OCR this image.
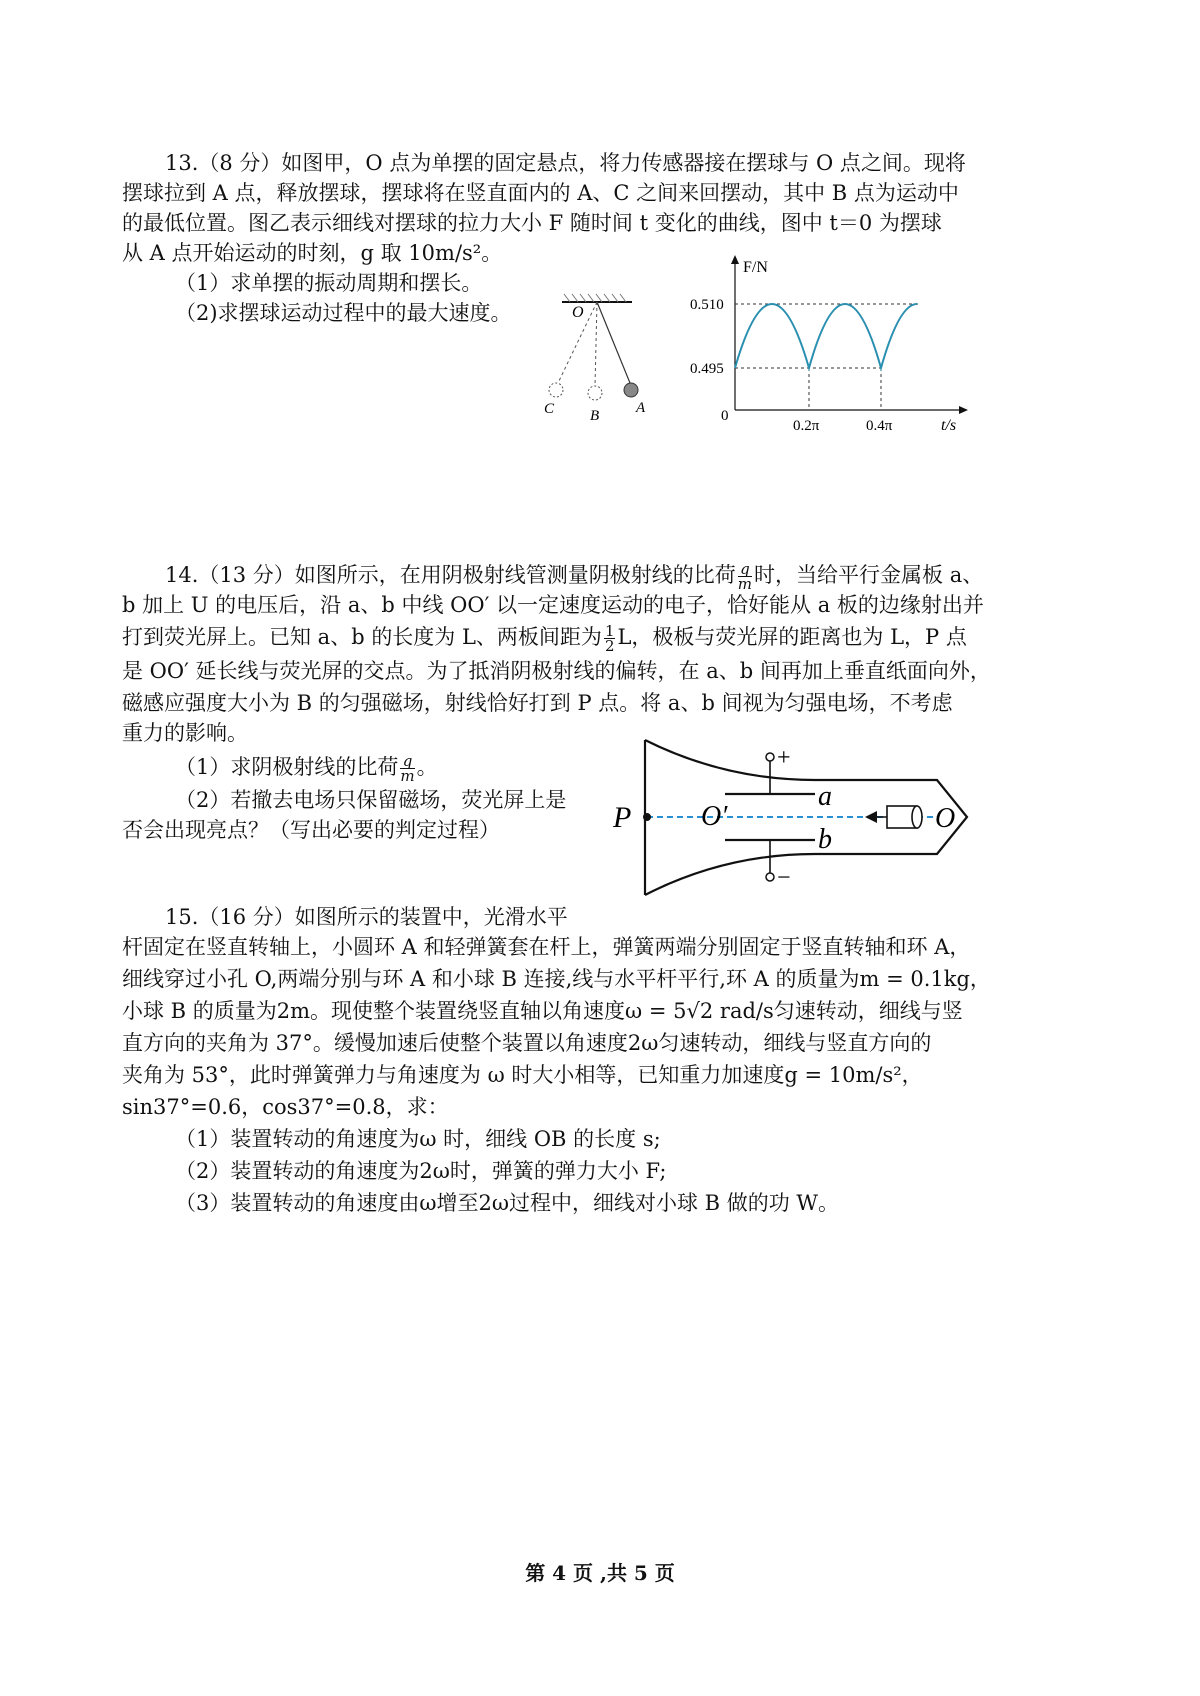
13.（8 分）如图甲，O 点为单摆的固定悬点，将力传感器接在摆球与 O 点之间。现将
摆球拉到 A 点，释放摆球，摆球将在竖直面内的 A、C 之间来回摆动，其中 B 点为运动中
的最低位置。图乙表示细线对摆球的拉力大小 F 随时间 t 变化的曲线，图中 t＝0 为摆球
从 A 点开始运动的时刻，g 取 10m/s²。
（1）求单摆的振动周期和摆长。
（2)求摆球运动过程中的最大速度。	O
A
B
C
F/N
t/s
0
0.510
0.495
0.2π	0.4π
14.（13 分）如图所示，在用阴极射线管测量阴极射线的比荷 $\frac{q}{m}$ 时，当给平行金属板 a、
b 加上 U 的电压后，沿 a、b 中线 OO′ 以一定速度运动的电子，恰好能从 a 板的边缘射出并
打到荧光屏上。已知 a、b 的长度为 L、两板间距为 $\frac{1}{2}$ L，极板与荧光屏的距离也为 L，P 点
是 OO′ 延长线与荧光屏的交点。为了抵消阴极射线的偏转，在 a、b 间再加上垂直纸面向外，
磁感应强度大小为 B 的匀强磁场，射线恰好打到 P 点。将 a、b 间视为匀强电场，不考虑
重力的影响。
（1）求阴极射线的比荷 $\frac{q}{m}$ 。
（2）若撤去电场只保留磁场，荧光屏上是
否会出现亮点？（写出必要的判定过程）	P O′	O
a
b
+
−
15.（16 分）如图所示的装置中，光滑水平
杆固定在竖直转轴上，小圆环 A 和轻弹簧套在杆上，弹簧两端分别固定于竖直转轴和环 A，
细线穿过小孔 O,两端分别与环 A 和小球 B 连接,线与水平杆平行,环 A 的质量为m = 0.1kg，
小球 B 的质量为2m。现使整个装置绕竖直轴以角速度ω = 5√2 rad/s匀速转动，细线与竖
直方向的夹角为 37°。缓慢加速后使整个装置以角速度2ω匀速转动，细线与竖直方向的
夹角为 53°，此时弹簧弹力与角速度为 ω 时大小相等，已知重力加速度g = 10m/s²，
sin37°=0.6，cos37°=0.8，求：
（1）装置转动的角速度为ω 时，细线 OB 的长度 s;
（2）装置转动的角速度为2ω时，弹簧的弹力大小 F;
（3）装置转动的角速度由ω增至2ω过程中，细线对小球 B 做的功 W。
第 4 页 ,共 5 页
